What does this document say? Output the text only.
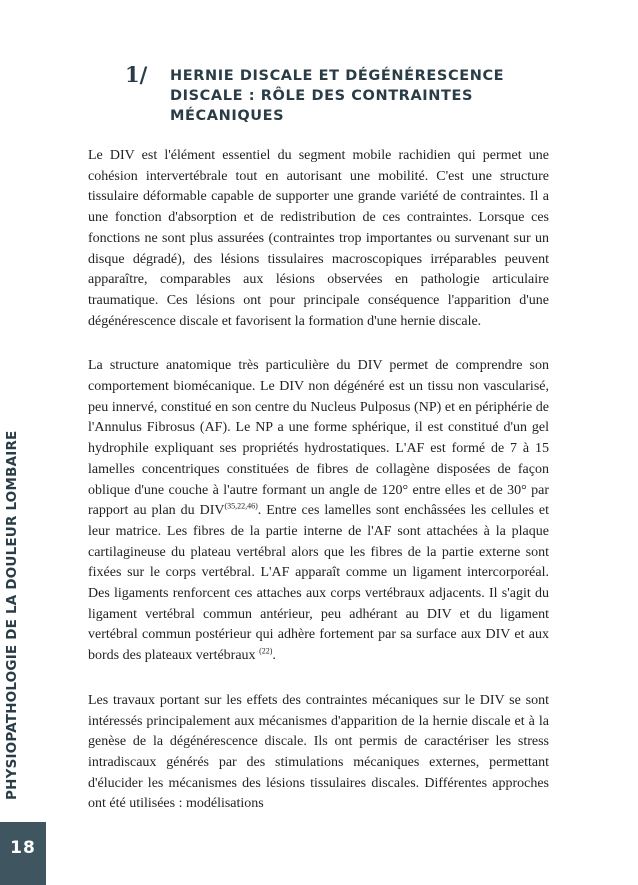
PHYSIOPATHOLOGIE DE LA DOULEUR LOMBAIRE
18
1/ HERNIE DISCALE ET DÉGÉNÉRESCENCE DISCALE : RÔLE DES CONTRAINTES MÉCANIQUES

Le DIV est l'élément essentiel du segment mobile rachidien qui permet une cohésion intervertébrale tout en autorisant une mobilité. C'est une structure tissulaire déformable capable de supporter une grande variété de contraintes. Il a une fonction d'absorption et de redistribution de ces contraintes. Lorsque ces fonctions ne sont plus assurées (contraintes trop importantes ou survenant sur un disque dégradé), des lésions tissulaires macroscopiques irréparables peuvent apparaître, comparables aux lésions observées en pathologie articulaire traumatique. Ces lésions ont pour principale conséquence l'apparition d'une dégénérescence discale et favorisent la formation d'une hernie discale.

La structure anatomique très particulière du DIV permet de comprendre son comportement biomécanique. Le DIV non dégénéré est un tissu non vascularisé, peu innervé, constitué en son centre du Nucleus Pulposus (NP) et en périphérie de l'Annulus Fibrosus (AF). Le NP a une forme sphérique, il est constitué d'un gel hydrophile expliquant ses propriétés hydrostatiques. L'AF est formé de 7 à 15 lamelles concentriques constituées de fibres de collagène disposées de façon oblique d'une couche à l'autre formant un angle de 120° entre elles et de 30° par rapport au plan du DIV$^{(35,22,46)}$. Entre ces lamelles sont enchâssées les cellules et leur matrice. Les fibres de la partie interne de l'AF sont attachées à la plaque cartilagineuse du plateau vertébral alors que les fibres de la partie externe sont fixées sur le corps vertébral. L'AF apparaît comme un ligament intercorporéal. Des ligaments renforcent ces attaches aux corps vertébraux adjacents. Il s'agit du ligament vertébral commun antérieur, peu adhérant au DIV et du ligament vertébral commun postérieur qui adhère fortement par sa surface aux DIV et aux bords des plateaux vertébraux $^{(22)}$.

Les travaux portant sur les effets des contraintes mécaniques sur le DIV se sont intéressés principalement aux mécanismes d'apparition de la hernie discale et à la genèse de la dégénérescence discale. Ils ont permis de caractériser les stress intradiscaux générés par des stimulations mécaniques externes, permettant d'élucider les mécanismes des lésions tissulaires discales. Différentes approches ont été utilisées : modélisations
